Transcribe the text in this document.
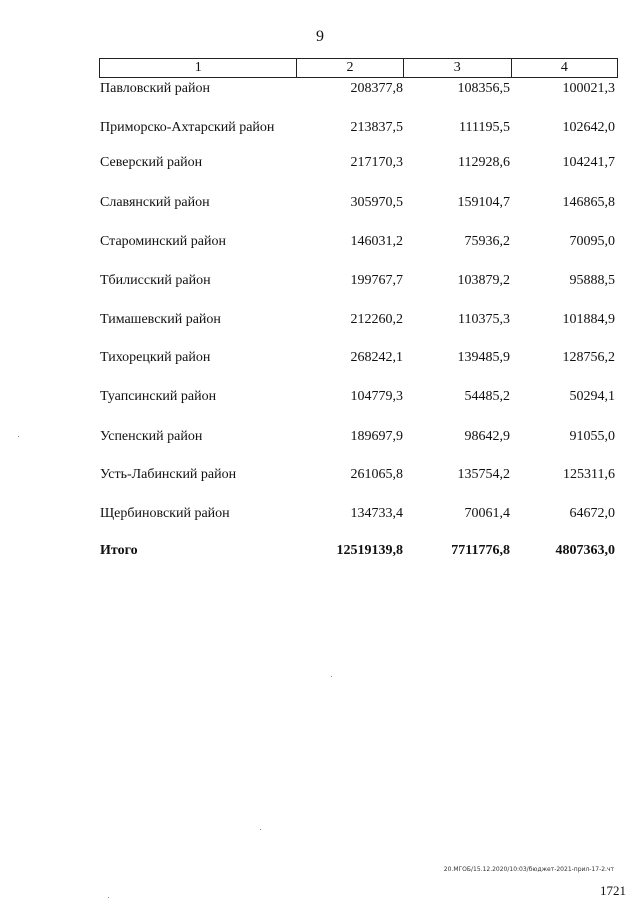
9
1	2	3	4
Павловский район	208377,8	108356,5	100021,3
Приморско-Ахтарский район	213837,5	111195,5	102642,0
Северский район	217170,3	112928,6	104241,7
Славянский район	305970,5	159104,7	146865,8
Староминский район	146031,2	75936,2	70095,0
Тбилисский район	199767,7	103879,2	95888,5
Тимашевский район	212260,2	110375,3	101884,9
Тихорецкий район	268242,1	139485,9	128756,2
Туапсинский район	104779,3	54485,2	50294,1
Успенский район	189697,9	98642,9	91055,0
Усть-Лабинский район	261065,8	135754,2	125311,6
Щербиновский район	134733,4	70061,4	64672,0
Итого	12519139,8	7711776,8	4807363,0
20.МГОБ/15.12.2020/10:03/бюджет-2021-прил-17-2.чт
1721
